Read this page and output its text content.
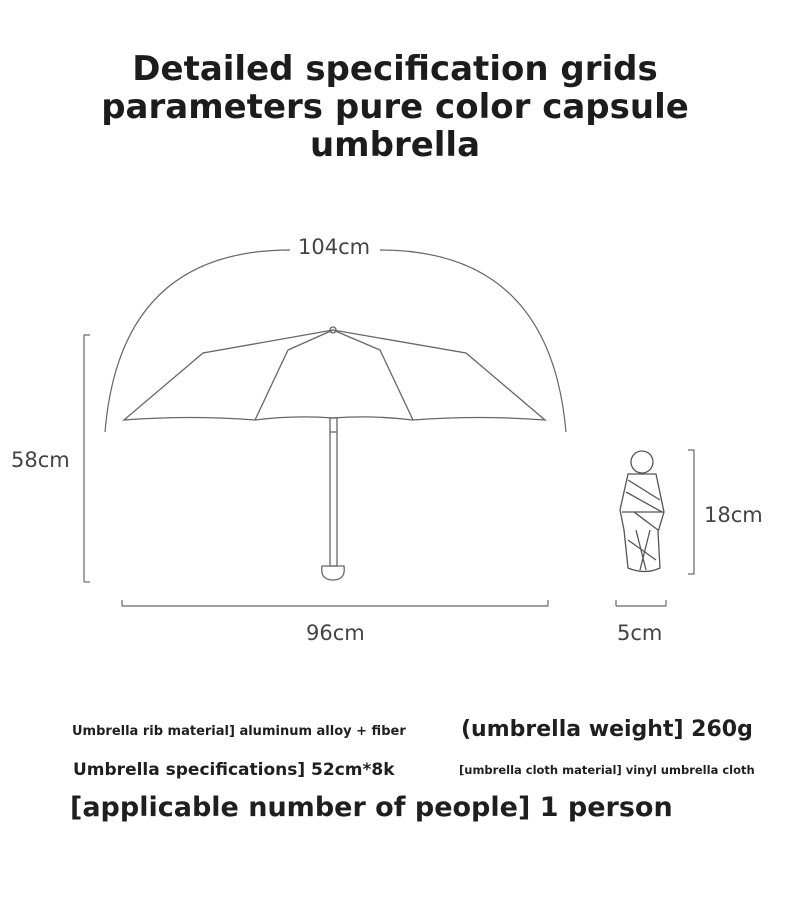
Detailed specification grids
parameters pure color capsule
umbrella
104cm
58cm
96cm
18cm
5cm
Umbrella rib material] aluminum alloy + fiber	(umbrella weight] 260g
Umbrella specifications] 52cm*8k	[umbrella cloth material] vinyl umbrella cloth
[applicable number of people] 1 person
